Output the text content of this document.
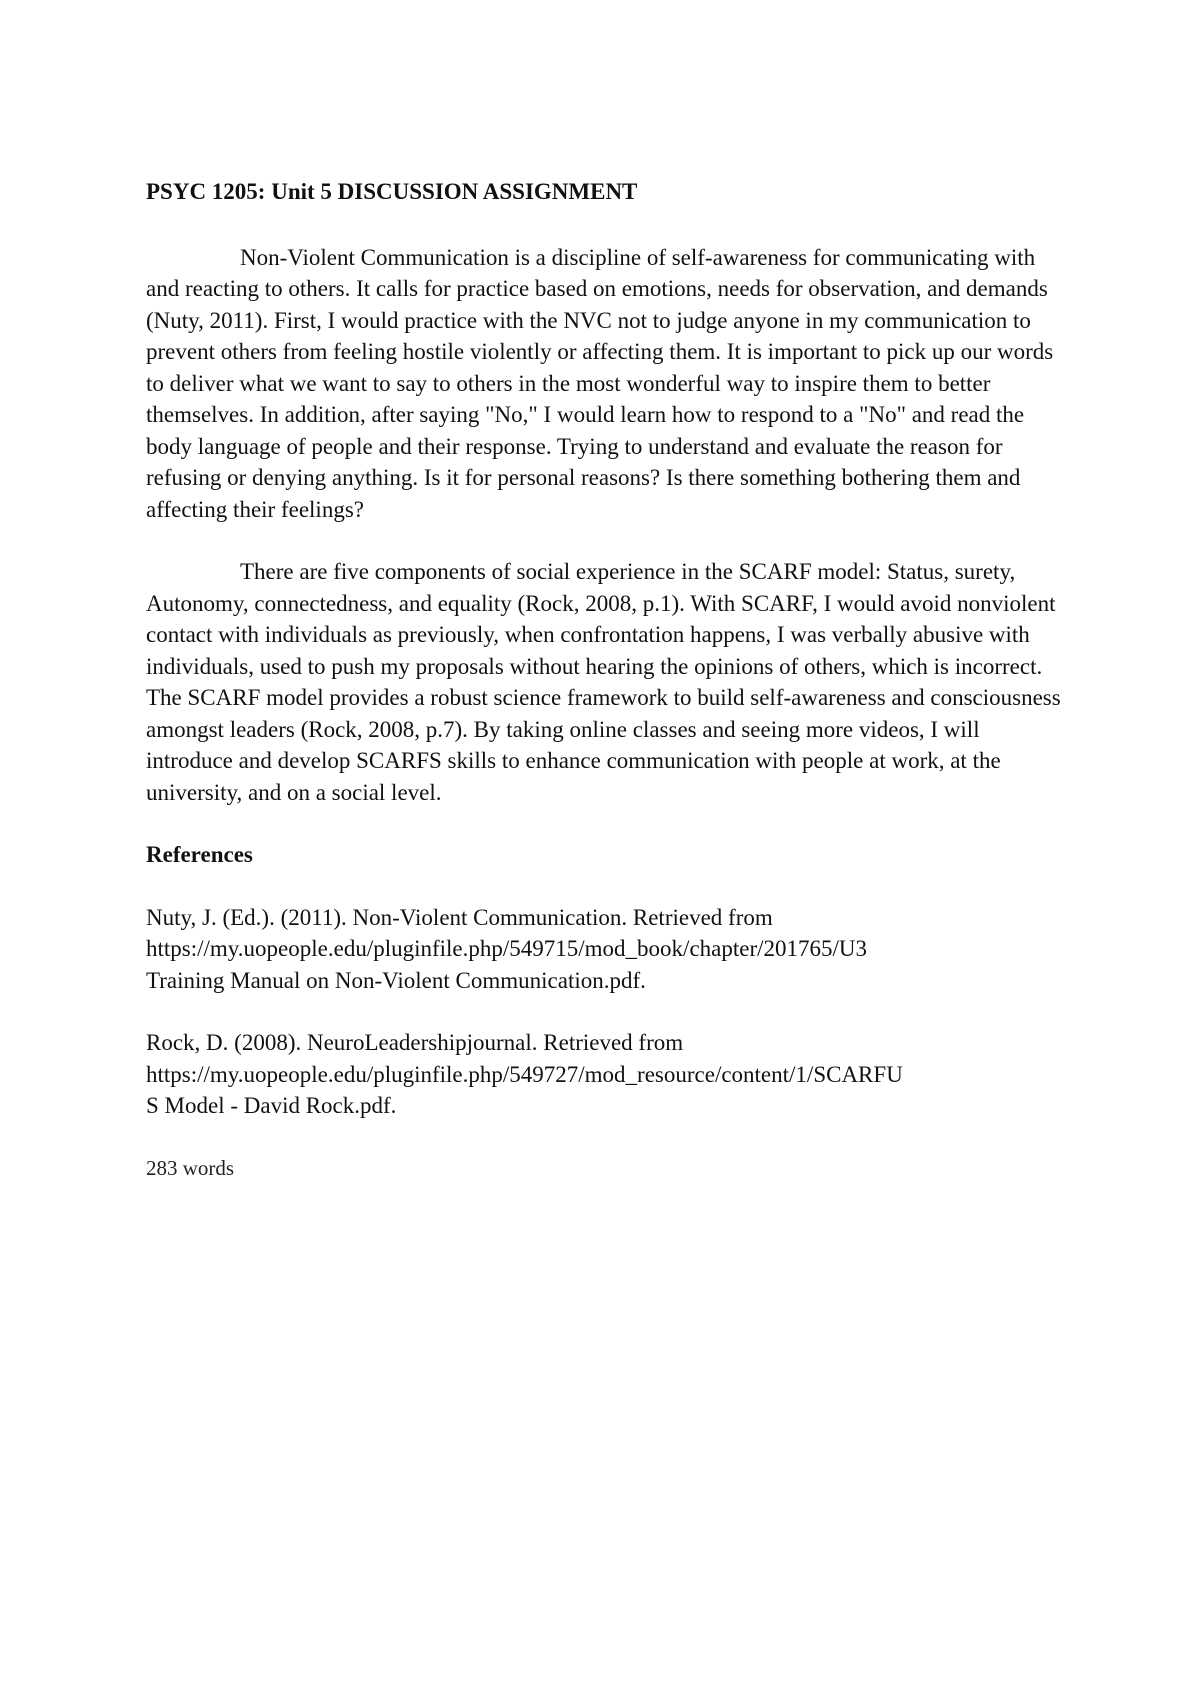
PSYC 1205: Unit 5 DISCUSSION ASSIGNMENT

Non-Violent Communication is a discipline of self-awareness for communicating with and reacting to others. It calls for practice based on emotions, needs for observation, and demands (Nuty, 2011). First, I would practice with the NVC not to judge anyone in my communication to prevent others from feeling hostile violently or affecting them. It is important to pick up our words to deliver what we want to say to others in the most wonderful way to inspire them to better themselves. In addition, after saying "No," I would learn how to respond to a "No" and read the body language of people and their response. Trying to understand and evaluate the reason for refusing or denying anything. Is it for personal reasons? Is there something bothering them and affecting their feelings?

There are five components of social experience in the SCARF model: Status, surety, Autonomy, connectedness, and equality (Rock, 2008, p.1). With SCARF, I would avoid nonviolent contact with individuals as previously, when confrontation happens, I was verbally abusive with individuals, used to push my proposals without hearing the opinions of others, which is incorrect. The SCARF model provides a robust science framework to build self-awareness and consciousness amongst leaders (Rock, 2008, p.7). By taking online classes and seeing more videos, I will introduce and develop SCARFS skills to enhance communication with people at work, at the university, and on a social level.

References
Nuty, J. (Ed.). (2011). Non-Violent Communication. Retrieved from
https://my.uopeople.edu/pluginfile.php/549715/mod_book/chapter/201765/U3
Training Manual on Non-Violent Communication.pdf.
Rock, D. (2008). NeuroLeadershipjournal. Retrieved from
https://my.uopeople.edu/pluginfile.php/549727/mod_resource/content/1/SCARFU
S Model - David Rock.pdf.
283 words
